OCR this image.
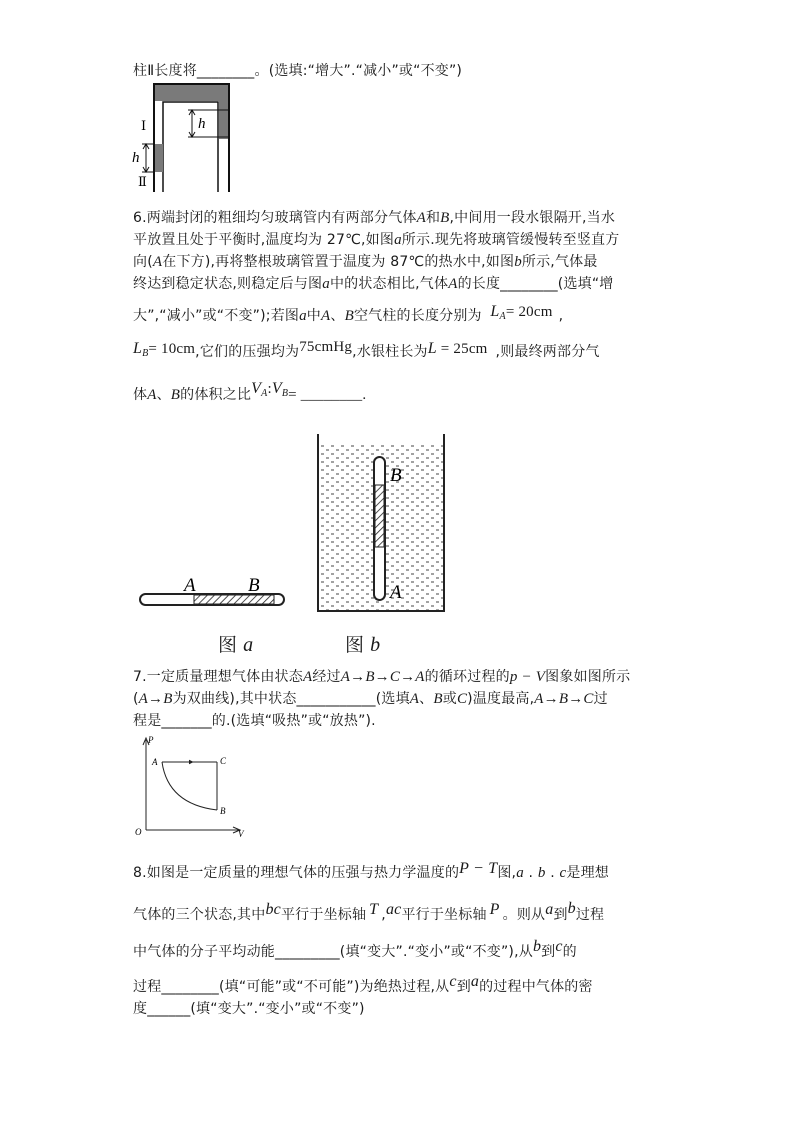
柱Ⅱ长度将________。(选填:“增大”.“减小”或“不变”)
h
h
Ⅰ
Ⅱ
6.两端封闭的粗细均匀玻璃管内有两部分气体A和B,中间用一段水银隔开,当水
平放置且处于平衡时,温度均为 27℃,如图a所示.现先将玻璃管缓慢转至竖直方
向(A在下方),再将整根玻璃管置于温度为 87℃的热水中,如图b所示,气体最
终达到稳定状态,则稳定后与图a中的状态相比,气体A的长度________(选填“增
大”,“减小”或“不变”);若图a中A、B空气柱的长度分别为 $L_A= 20cm$ ,
$L_B= 10cm$,它们的压强均为75cmHg,水银柱长为L = 25cm ,则最终两部分气
体A、B的体积之比$V_A:V_B=$ ________.
A	B
图 a
B
A
图 b
7.一定质量理想气体由状态A经过A→B→C→A的循环过程的p − V图象如图所示
(A→B为双曲线),其中状态___________(选填A、B或C)温度最高,A→B→C过
程是_______的.(选填“吸热”或“放热”).
P
V
O
A	C
B
8.如图是一定质量的理想气体的压强与热力学温度的P − T图,a . b . c是理想
气体的三个状态,其中bc平行于坐标轴 T ,ac平行于坐标轴 P 。则从a到b过程
中气体的分子平均动能_________(填“变大”.“变小”或“不变”),从b到c的
过程________(填“可能”或“不可能”)为绝热过程,从c到a的过程中气体的密
度______(填“变大”.“变小”或“不变”)
